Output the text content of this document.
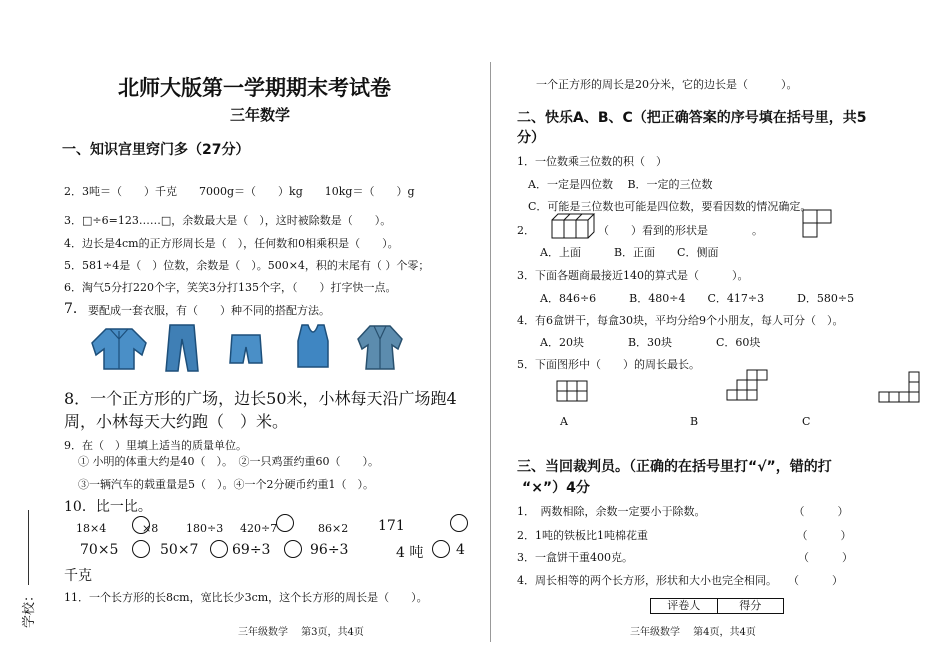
北师大版第一学期期末考试卷
三年数学
一、知识宫里窍门多（27分）
2．3吨＝（　　）千克　　7000g＝（　　）kg　　10kg＝（　　）g
3．□÷6=123……□，余数最大是（　），这时被除数是（　　）。
4．边长是4cm的正方形周长是（　），任何数和0相乘积是（　　）。
5．581÷4是（　）位数，余数是（　）。500×4，积的末尾有（ ）个零；
6．淘气5分打220个字，笑笑3分打135个字，（　　）打字快一点。
7． 要配成一套衣服，有（　　）种不同的搭配方法。
8．一个正方形的广场，边长50米，小林每天沿广场跑4
周，小林每天大约跑（　）米。
9．在（　）里填上适当的质量单位。
① 小明的体重大约是40（　）。　②一只鸡蛋约重60（　　）。
③一辆汽车的载重量是5（　）。④一个2分硬币约重1（　）。
10．比一比。
18×4	×8	180÷3 420÷7	86×2 171
70×5	50×7 69÷3	96÷3	4 吨 4
千克
11．一个长方形的长8cm，宽比长少3cm，这个长方形的周长是（　　）。
三年级数学　 第3页，共4页
学校：
一个正方形的周长是20分米，它的边长是（　　　）。
二、快乐A、B、C（把正确答案的序号填在括号里，共5
分）
1．一位数乘三位数的积（　）
A．一定是四位数　 B．一定的三位数
C．可能是三位数也可能是四位数，要看因数的情况确定。
2．	（　　）看到的形状是　　　　。
A．上面　　　B．正面　　C．侧面
3．下面各题商最接近140的算式是（　　　）。
A．846÷6　　　B．480÷4　　C．417÷3　　　D．580÷5
4．有6盒饼干，每盒30块，平均分给9个小朋友，每人可分（　）。
A．20块　　　　B．30块　　　　C．60块
5．下面图形中（　　）的周长最长。
A	B	C
三、当回裁判员。（正确的在括号里打“√”，错的打
“×”）4分
1．　两数相除，余数一定要小于除数。　　　　　　　　　（　　　）
2．1吨的铁板比1吨棉花重　　　　　　　　　　　　　　（　　　）
3．一盒饼干重400克。　　　　　　　　　　　　　　　　（　　　）
4．周长相等的两个长方形，形状和大小也完全相同。　　（　　　）
评卷人	得分
三年级数学　 第4页，共4页
